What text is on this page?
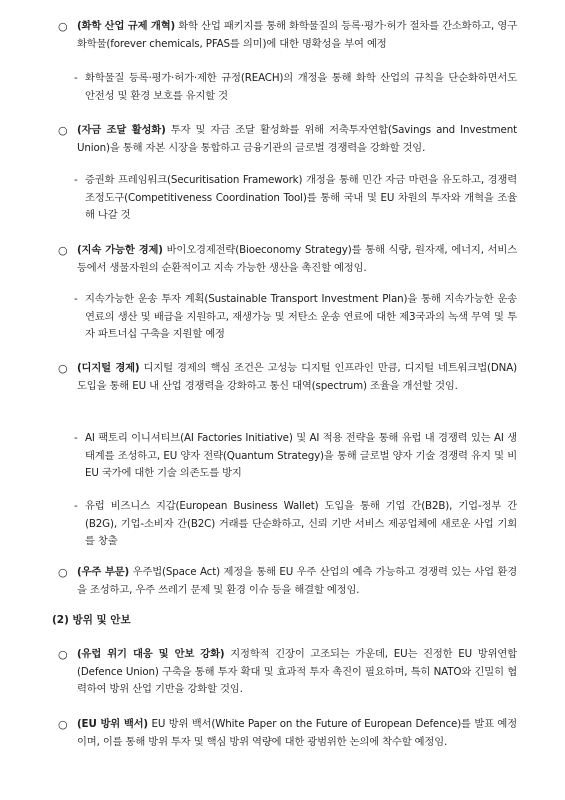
○ (화학 산업 규제 개혁) 화학 산업 패키지를 통해 화학물질의 등록·평가·허가 절차를 간소화하고, 영구 화학물(forever chemicals, PFAS를 의미)에 대한 명확성을 부여 예정
- 화학물질 등록·평가·허가·제한 규정(REACH)의 개정을 통해 화학 산업의 규칙을 단순화하면서도 안전성 및 환경 보호를 유지할 것
○ (자금 조달 활성화) 투자 및 자금 조달 활성화를 위해 저축투자연합(Savings and Investment Union)을 통해 자본 시장을 통합하고 금융기관의 글로벌 경쟁력을 강화할 것임.
- 증권화 프레임워크(Securitisation Framework) 개정을 통해 민간 자금 마련을 유도하고, 경쟁력 조정도구(Competitiveness Coordination Tool)를 통해 국내 및 EU 차원의 투자와 개혁을 조율해 나갈 것
○ (지속 가능한 경제) 바이오경제전략(Bioeconomy Strategy)를 통해 식량, 원자재, 에너지, 서비스 등에서 생물자원의 순환적이고 지속 가능한 생산을 촉진할 예정임.
- 지속가능한 운송 투자 계획(Sustainable Transport Investment Plan)을 통해 지속가능한 운송 연료의 생산 및 배급을 지원하고, 재생가능 및 저탄소 운송 연료에 대한 제3국과의 녹색 무역 및 투자 파트너십 구축을 지원할 예정
○ (디지털 경제) 디지털 경제의 핵심 조건은 고성능 디지털 인프라인 만큼, 디지털 네트워크법(DNA) 도입을 통해 EU 내 산업 경쟁력을 강화하고 통신 대역(spectrum) 조율을 개선할 것임.
- AI 팩토리 이니셔티브(AI Factories Initiative) 및 AI 적용 전략을 통해 유럽 내 경쟁력 있는 AI 생태계를 조성하고, EU 양자 전략(Quantum Strategy)을 통해 글로벌 양자 기술 경쟁력 유지 및 비EU 국가에 대한 기술 의존도를 방지
- 유럽 비즈니스 지갑(European Business Wallet) 도입을 통해 기업 간(B2B), 기업-정부 간(B2G), 기업-소비자 간(B2C) 거래를 단순화하고, 신뢰 기반 서비스 제공업체에 새로운 사업 기회를 창출
○ (우주 부문) 우주법(Space Act) 제정을 통해 EU 우주 산업의 예측 가능하고 경쟁력 있는 사업 환경을 조성하고, 우주 쓰레기 문제 및 환경 이슈 등을 해결할 예정임.
(2) 방위 및 안보
○ (유럽 위기 대응 및 안보 강화) 지정학적 긴장이 고조되는 가운데, EU는 진정한 EU 방위연합(Defence Union) 구축을 통해 투자 확대 및 효과적 투자 촉진이 필요하며, 특히 NATO와 긴밀히 협력하여 방위 산업 기반을 강화할 것임.
○ (EU 방위 백서) EU 방위 백서(White Paper on the Future of European Defence)를 발표 예정이며, 이를 통해 방위 투자 및 핵심 방위 역량에 대한 광범위한 논의에 착수할 예정임.
